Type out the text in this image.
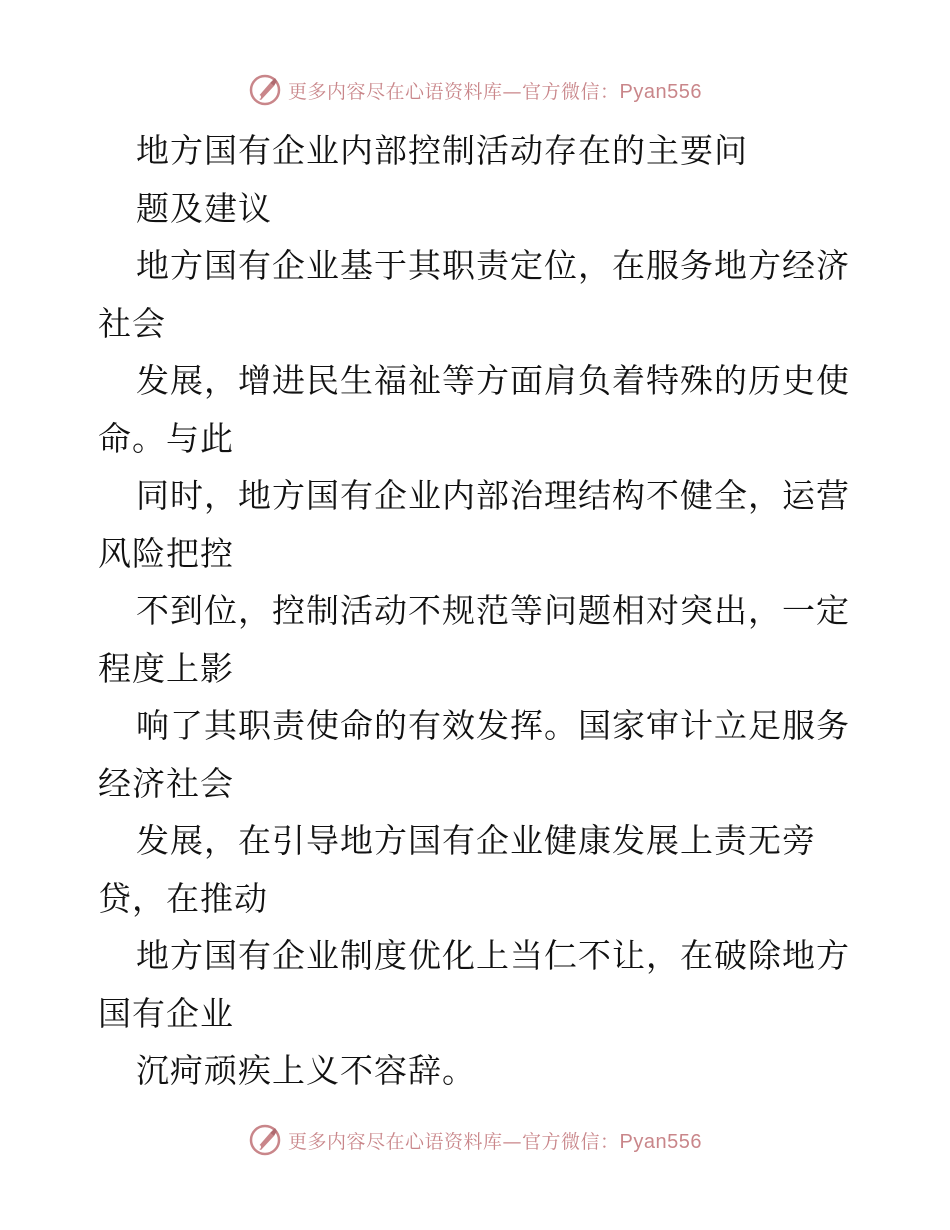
更多内容尽在心语资料库—官方微信：Pyan556
地方国有企业内部控制活动存在的主要问
题及建议
地方国有企业基于其职责定位，在服务地方经济
社会
发展，增进民生福祉等方面肩负着特殊的历史使
命。与此
同时，地方国有企业内部治理结构不健全，运营
风险把控
不到位，控制活动不规范等问题相对突出，一定
程度上影
响了其职责使命的有效发挥。国家审计立足服务
经济社会
发展，在引导地方国有企业健康发展上责无旁
贷，在推动
地方国有企业制度优化上当仁不让，在破除地方
国有企业
沉疴顽疾上义不容辞。
更多内容尽在心语资料库—官方微信：Pyan556
